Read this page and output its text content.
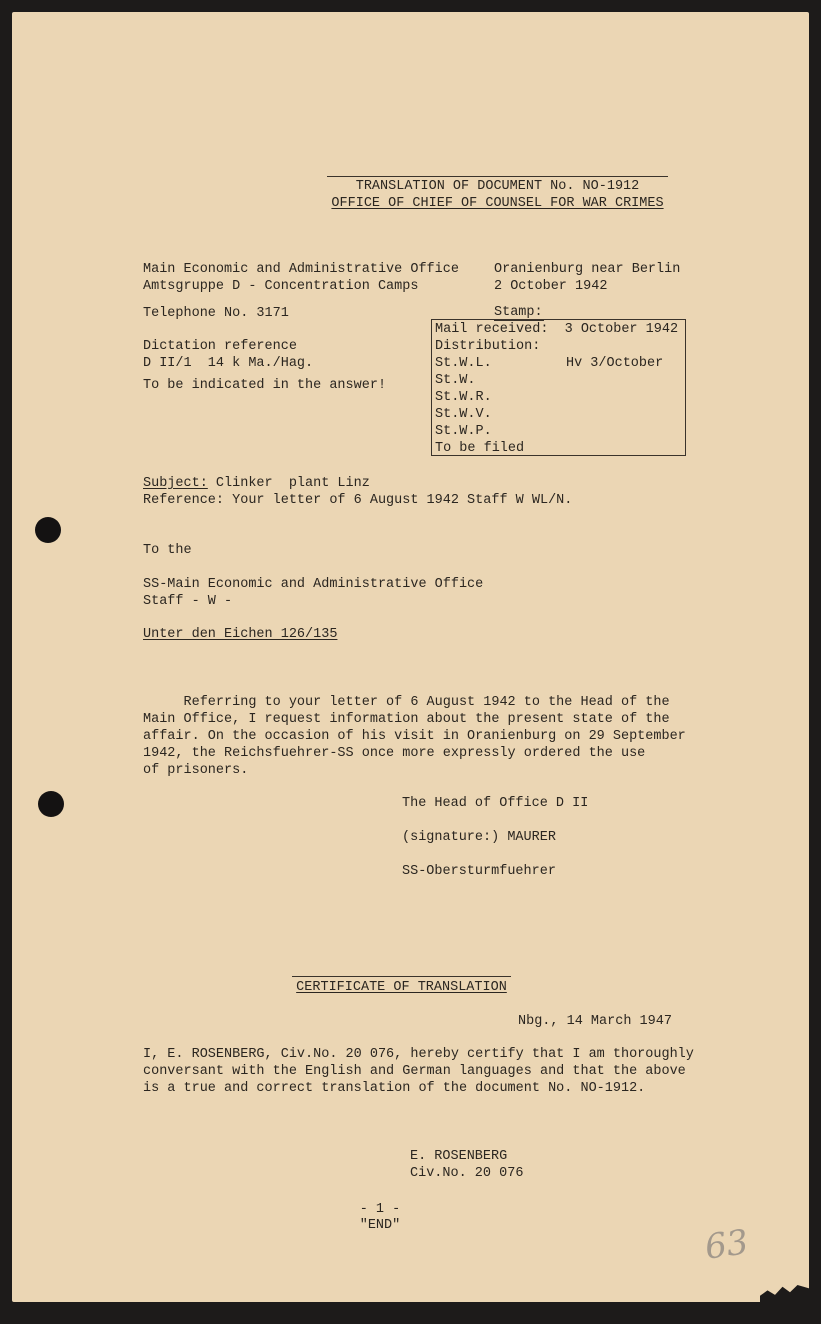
TRANSLATION OF DOCUMENT No. NO-1912
OFFICE OF CHIEF OF COUNSEL FOR WAR CRIMES
Main Economic and Administrative Office
Amtsgruppe D - Concentration Camps
Telephone No. 3171
Dictation reference
D II/1  14 k Ma./Hag.
To be indicated in the answer!
Oranienburg near Berlin
2 October 1942
Stamp:
Mail received:  3 October 1942
Distribution:
St.W.L.	Hv 3/October
St.W.
St.W.R.
St.W.V.
St.W.P.
To be filed
Subject: Clinker  plant Linz
Reference: Your letter of 6 August 1942 Staff W WL/N.
To the
SS-Main Economic and Administrative Office
Staff - W -
Unter den Eichen 126/135
Referring to your letter of 6 August 1942 to the Head of the
Main Office, I request information about the present state of the
affair. On the occasion of his visit in Oranienburg on 29 September
1942, the Reichsfuehrer-SS once more expressly ordered the use
of prisoners.
The Head of Office D II
(signature:) MAURER
SS-Obersturmfuehrer
CERTIFICATE OF TRANSLATION
Nbg., 14 March 1947
I, E. ROSENBERG, Civ.No. 20 076, hereby certify that I am thoroughly
conversant with the English and German languages and that the above
is a true and correct translation of the document No. NO-1912.
E. ROSENBERG
Civ.No. 20 076
- 1 -
"END"	63
